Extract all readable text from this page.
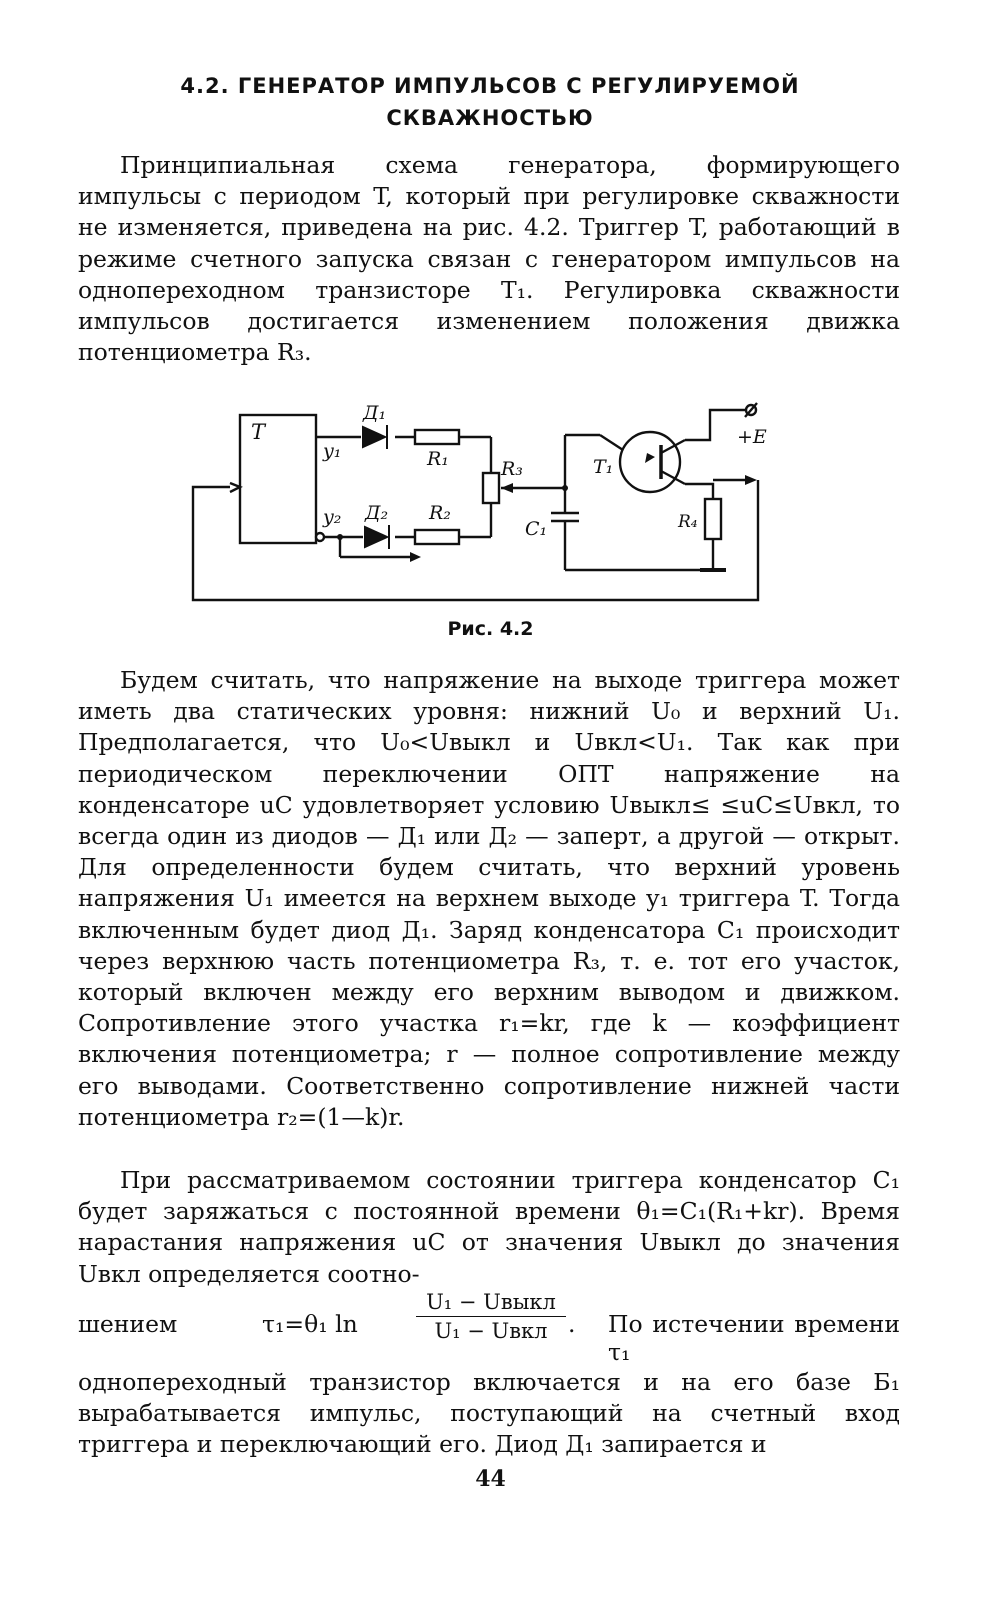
4.2. ГЕНЕРАТОР ИМПУЛЬСОВ С РЕГУЛИРУЕМОЙ
СКВАЖНОСТЬЮ

Принципиальная схема генератора, формирующего импульсы с периодом T, который при регулировке скважности не изменяется, приведена на рис. 4.2. Триггер T, работающий в режиме счетного запуска связан с генератором импульсов на однопереходном транзисторе T₁. Регулировка скважности импульсов достигается изменением положения движка потенциометра R₃.

T
y₁
y₂
Д₁
Д₂
R₁
R₂
R₃
C₁
T₁
R₄
+E
Рис. 4.2

Будем считать, что напряжение на выходе триггера может иметь два статических уровня: нижний U₀ и верхний U₁. Предполагается, что U₀<Uвыкл и Uвкл<U₁. Так как при периодическом переключении ОПТ напряжение на конденсаторе uC удовлетворяет условию Uвыкл≤ ≤uC≤Uвкл, то всегда один из диодов — Д₁ или Д₂ — заперт, а другой — открыт. Для определенности будем считать, что верхний уровень напряжения U₁ имеется на верхнем выходе y₁ триггера T. Тогда включенным будет диод Д₁. Заряд конденсатора C₁ происходит через верхнюю часть потенциометра R₃, т. е. тот его участок, который включен между его верхним выводом и движком. Сопротивление этого участка r₁=kr, где k — коэффициент включения потенциометра; r — полное сопротивление между его выводами. Соответственно сопротивление нижней части потенциометра r₂=(1—k)r.

При рассматриваемом состоянии триггера конденсатор C₁ будет заряжаться с постоянной времени θ₁=C₁(R₁+kr). Время нарастания напряжения uC от значения Uвыкл до значения Uвкл определяется соотно-

шением	τ₁=θ₁ ln
U₁ − Uвыкл
U₁ − Uвкл . По истечении времени τ₁

однопереходный транзистор включается и на его базе Б₁ вырабатывается импульс, поступающий на счетный вход триггера и переключающий его. Диод Д₁ запирается и

44
